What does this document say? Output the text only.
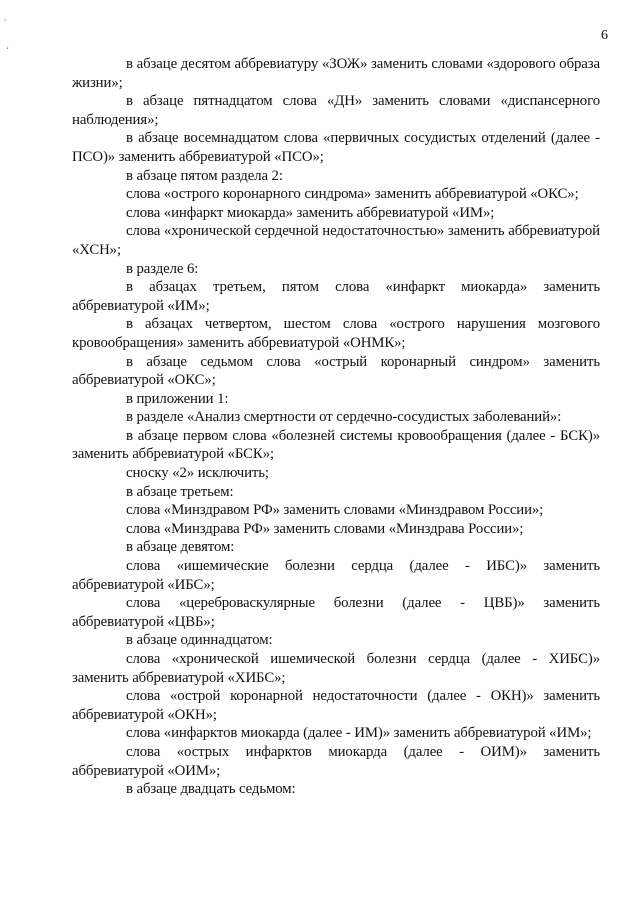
,
‘
6

в абзаце десятом аббревиатуру «ЗОЖ» заменить словами «здорового образа жизни»;

в абзаце пятнадцатом слова «ДН» заменить словами «диспансерного наблюдения»;

в абзаце восемнадцатом слова «первичных сосудистых отделений (далее - ПСО)» заменить аббревиатурой «ПСО»;

в абзаце пятом раздела 2:

слова «острого коронарного синдрома» заменить аббревиатурой «ОКС»;

слова «инфаркт миокарда» заменить аббревиатурой «ИМ»;

слова «хронической сердечной недостаточностью» заменить аббревиатурой «ХСН»;

в разделе 6:

в абзацах третьем, пятом слова «инфаркт миокарда» заменить аббревиатурой «ИМ»;

в абзацах четвертом, шестом слова «острого нарушения мозгового кровообращения» заменить аббревиатурой «ОНМК»;

в абзаце седьмом слова «острый коронарный синдром» заменить аббревиатурой «ОКС»;

в приложении 1:

в разделе «Анализ смертности от сердечно-сосудистых заболеваний»:

в абзаце первом слова «болезней системы кровообращения (далее - БСК)» заменить аббревиатурой «БСК»;

сноску «2» исключить;

в абзаце третьем:

слова «Минздравом РФ» заменить словами «Минздравом России»;

слова «Минздрава РФ» заменить словами «Минздрава России»;

в абзаце девятом:

слова «ишемические болезни сердца (далее - ИБС)» заменить аббревиатурой «ИБС»;

слова «цереброваскулярные болезни (далее - ЦВБ)» заменить аббревиатурой «ЦВБ»;

в абзаце одиннадцатом:

слова «хронической ишемической болезни сердца (далее - ХИБС)» заменить аббревиатурой «ХИБС»;

слова «острой коронарной недостаточности (далее - ОКН)» заменить аббревиатурой «ОКН»;

слова «инфарктов миокарда (далее - ИМ)» заменить аббревиатурой «ИМ»;

слова «острых инфарктов миокарда (далее - ОИМ)» заменить аббревиатурой «ОИМ»;

в абзаце двадцать седьмом:
